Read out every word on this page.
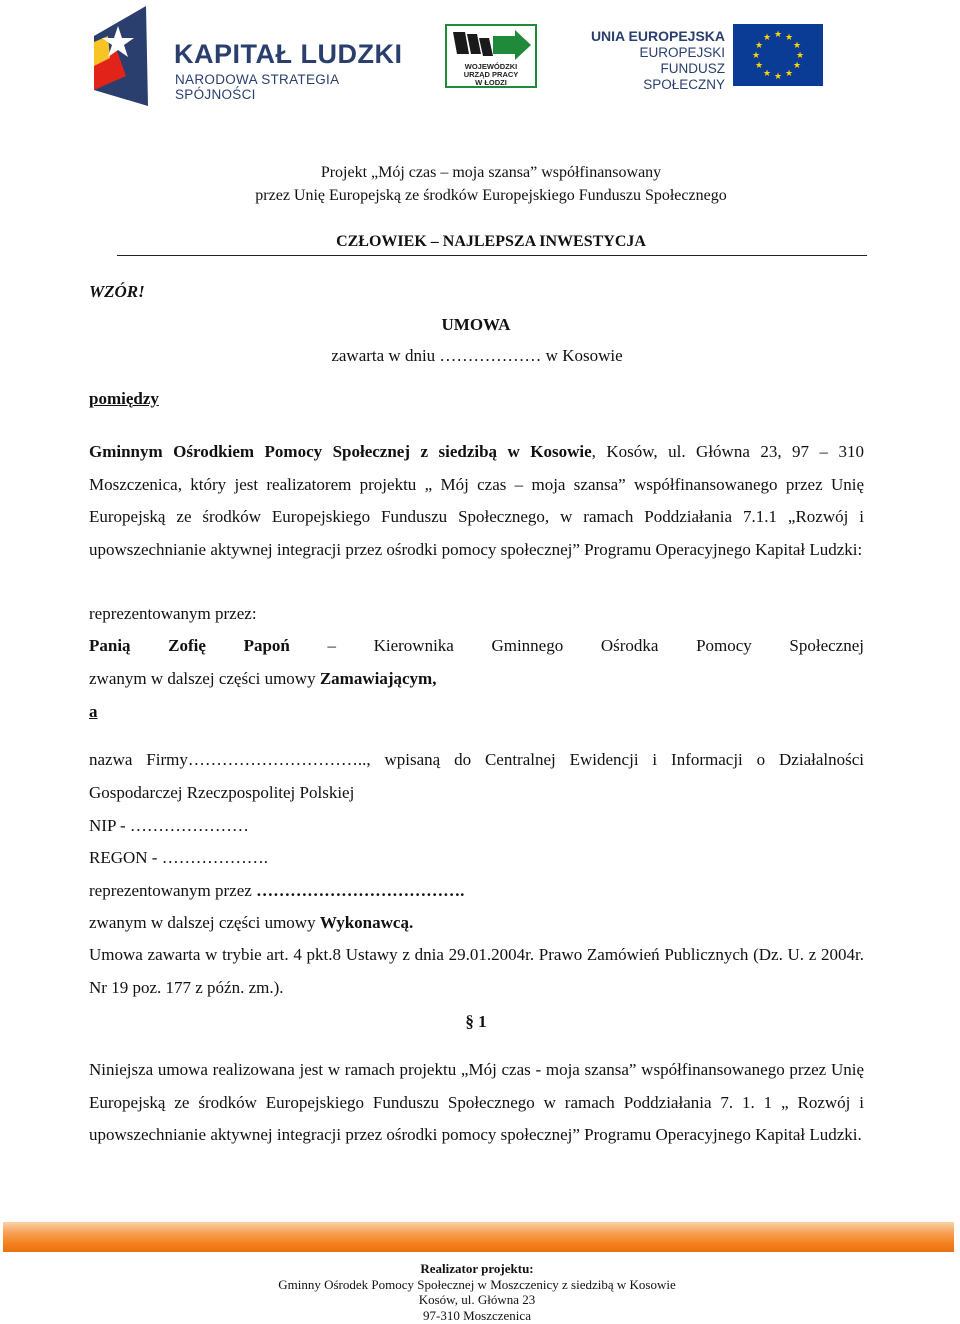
KAPITAŁ LUDZKI
NARODOWA STRATEGIA SPÓJNOŚCI
WOJEWÓDZKI
URZĄD PRACY
W ŁODZI
UNIA EUROPEJSKA
EUROPEJSKI
FUNDUSZ SPOŁECZNY
★ ★
★
★
★
★
★
★
★
★
★
★
Projekt „Mój czas – moja szansa” współfinansowany
przez Unię Europejską ze środków Europejskiego Funduszu Społecznego
CZŁOWIEK – NAJLEPSZA INWESTYCJA
WZÓR!
UMOWA
zawarta w dniu ……………… w Kosowie
pomiędzy
Gminnym Ośrodkiem Pomocy Społecznej z siedzibą w Kosowie, Kosów, ul. Główna 23, 97 – 310 Moszczenica, który jest realizatorem projektu „ Mój czas – moja szansa” współfinansowanego przez Unię Europejską ze środków Europejskiego Funduszu Społecznego, w ramach Poddziałania 7.1.1 „Rozwój i upowszechnianie aktywnej integracji przez ośrodki pomocy społecznej” Programu Operacyjnego Kapitał Ludzki:
reprezentowanym przez:
Panią Zofię Papoń – Kierownika Gminnego Ośrodka Pomocy Społecznej
zwanym w dalszej części umowy Zamawiającym,
a
nazwa Firmy………………………….., wpisaną do Centralnej Ewidencji i Informacji o Działalności Gospodarczej Rzeczpospolitej Polskiej
NIP - …………………
REGON - ……………….
reprezentowanym przez ……………………………….
zwanym w dalszej części umowy Wykonawcą.
Umowa zawarta w trybie art. 4 pkt.8 Ustawy z dnia 29.01.2004r. Prawo Zamówień Publicznych (Dz. U. z 2004r. Nr 19 poz. 177 z późn. zm.).
§ 1
Niniejsza umowa realizowana jest w ramach projektu „Mój czas - moja szansa” współfinansowanego przez Unię Europejską ze środków Europejskiego Funduszu Społecznego w ramach Poddziałania 7. 1. 1 „ Rozwój i upowszechnianie aktywnej integracji przez ośrodki pomocy społecznej” Programu Operacyjnego Kapitał Ludzki.
Realizator projektu:
Gminny Ośrodek Pomocy Społecznej w Moszczenicy z siedzibą w Kosowie
Kosów, ul. Główna 23
97-310 Moszczenica
